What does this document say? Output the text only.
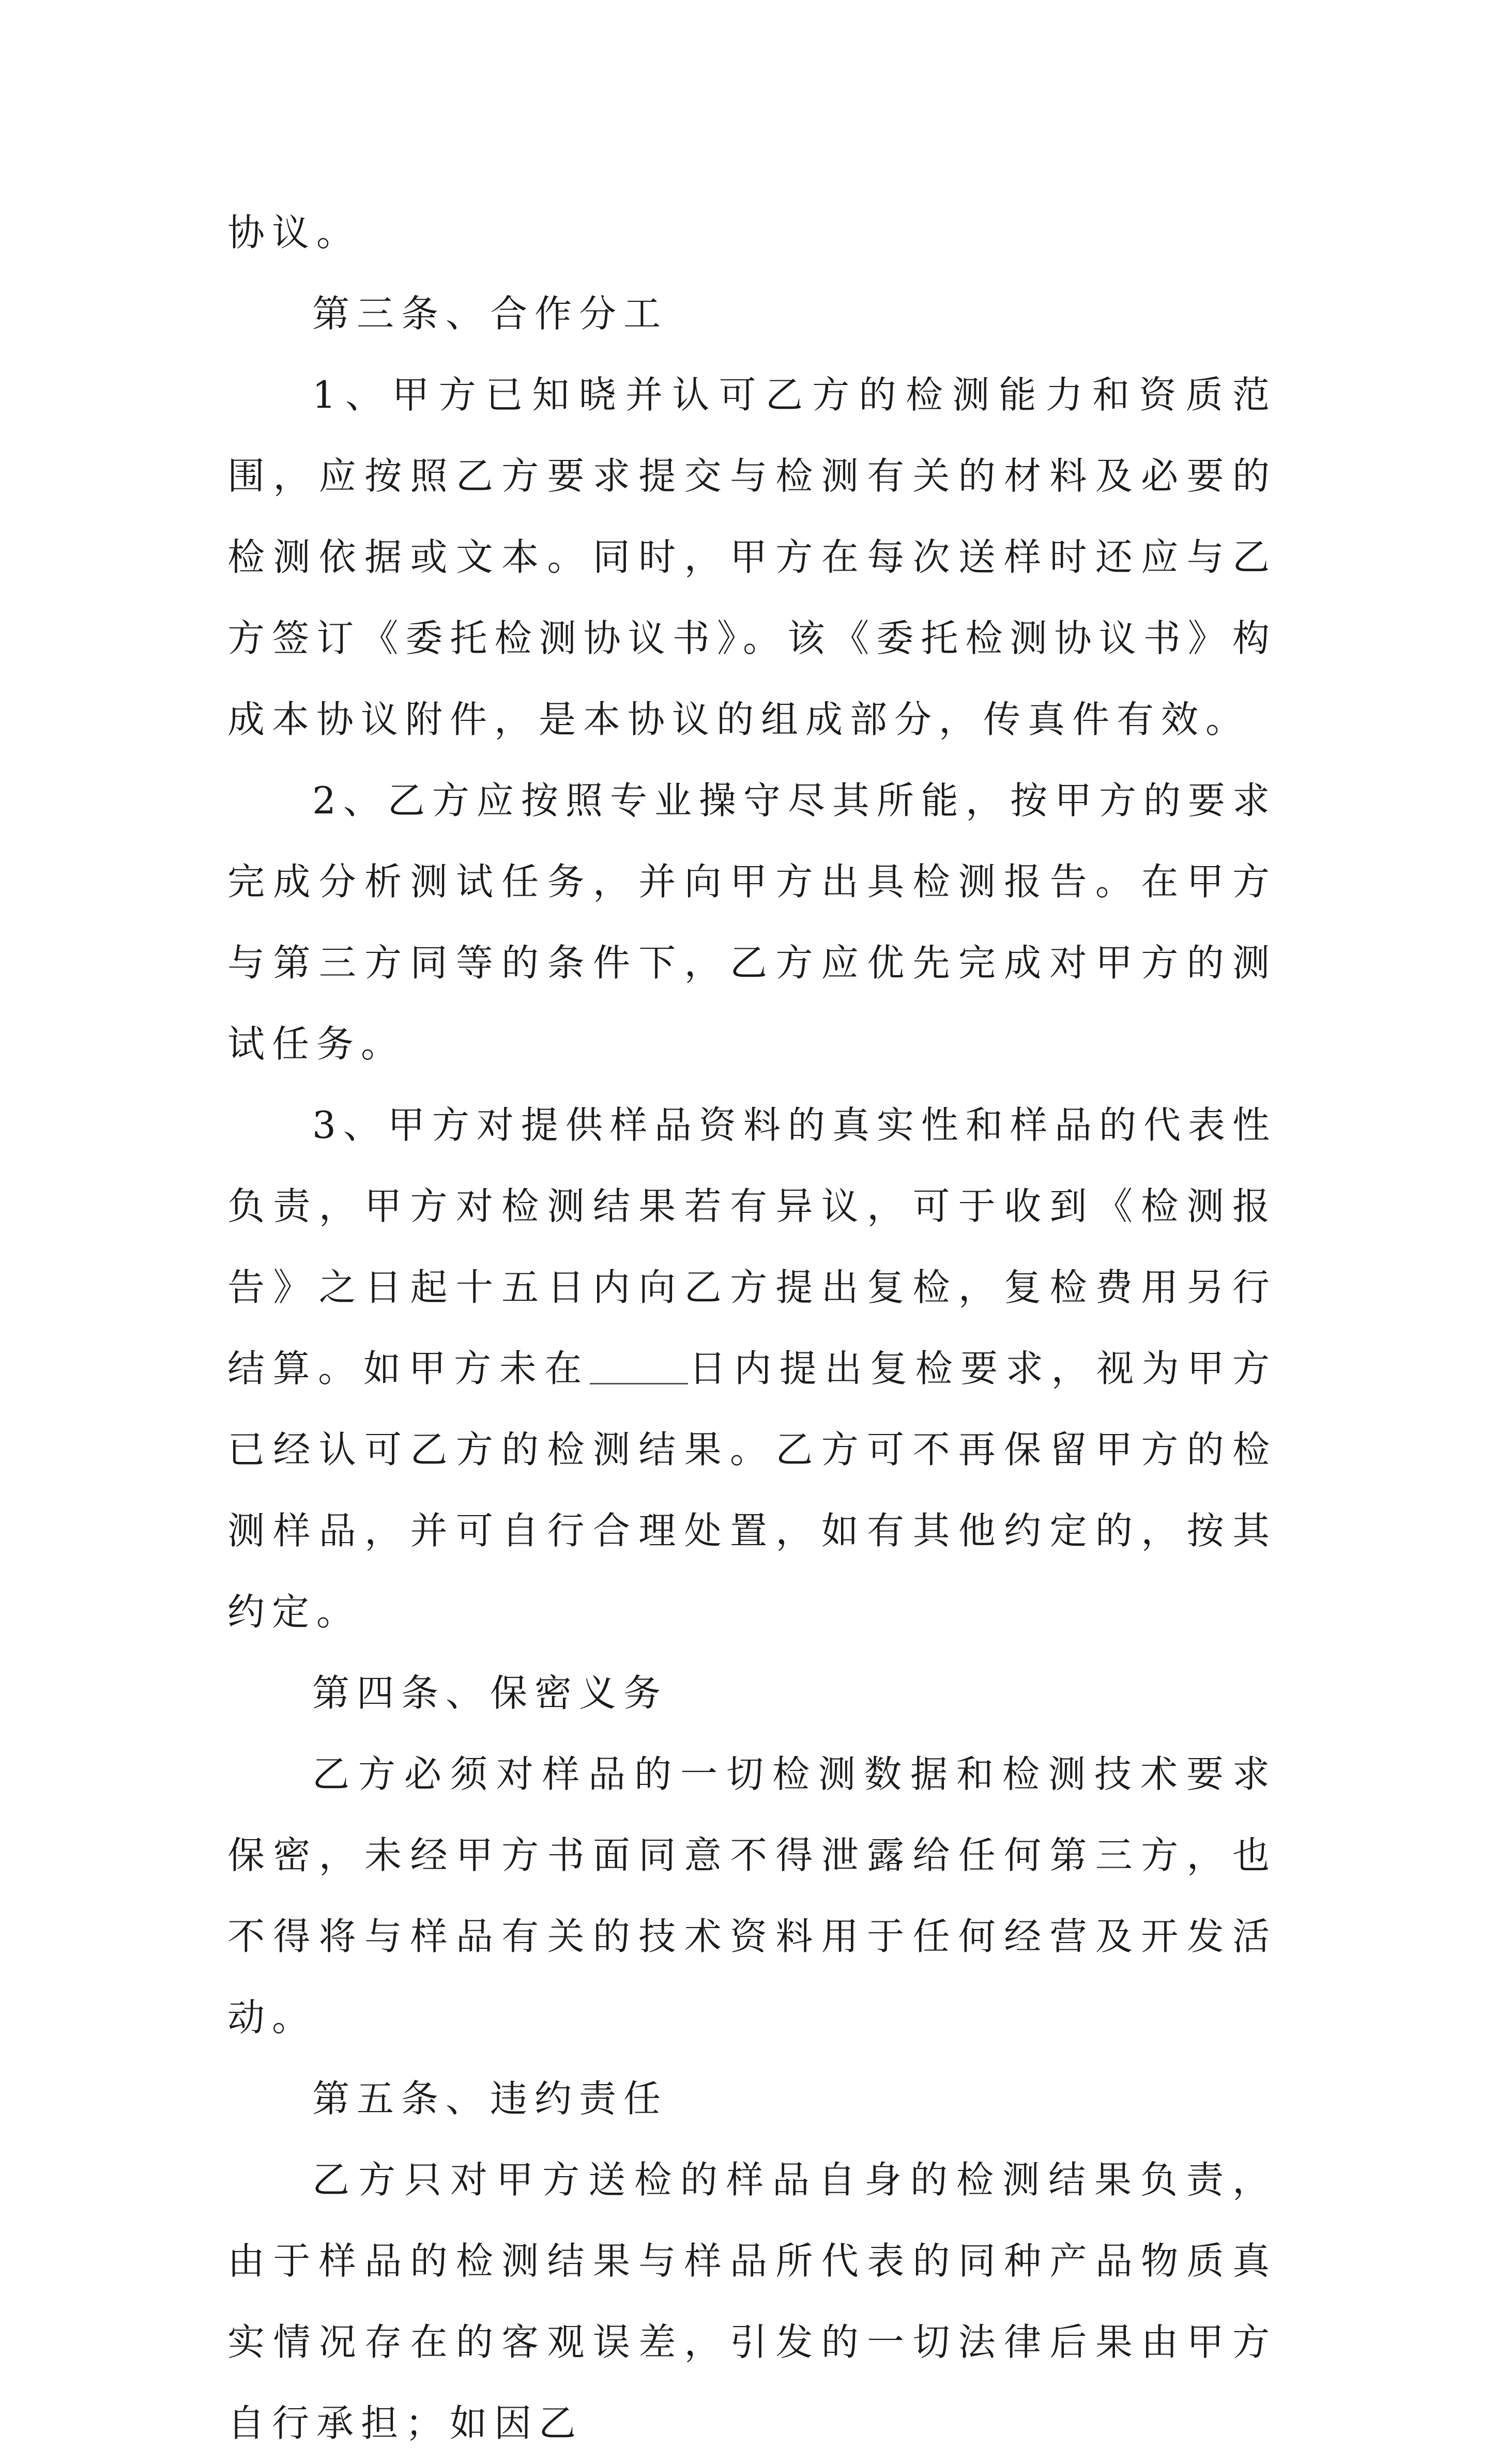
协议。

第三条、合作分工

1、甲方已知晓并认可乙方的检测能力和资质范围，应按照乙方要求提交与检测有关的材料及必要的检测依据或文本。同时，甲方在每次送样时还应与乙方签订《委托检测协议书》。该《委托检测协议书》构成本协议附件，是本协议的组成部分，传真件有效。

2、乙方应按照专业操守尽其所能，按甲方的要求完成分析测试任务，并向甲方出具检测报告。在甲方与第三方同等的条件下，乙方应优先完成对甲方的测试任务。

3、甲方对提供样品资料的真实性和样品的代表性负责，甲方对检测结果若有异议，可于收到《检测报告》之日起十五日内向乙方提出复检，复检费用另行结算。如甲方未在	日内提出复检要求，视为甲方已经认可乙方的检测结果。乙方可不再保留甲方的检测样品，并可自行合理处置，如有其他约定的，按其约定。

第四条、保密义务

乙方必须对样品的一切检测数据和检测技术要求保密，未经甲方书面同意不得泄露给任何第三方，也不得将与样品有关的技术资料用于任何经营及开发活动。

第五条、违约责任

乙方只对甲方送检的样品自身的检测结果负责，由于样品的检测结果与样品所代表的同种产品物质真实情况存在的客观误差，引发的一切法律后果由甲方自行承担；如因乙
